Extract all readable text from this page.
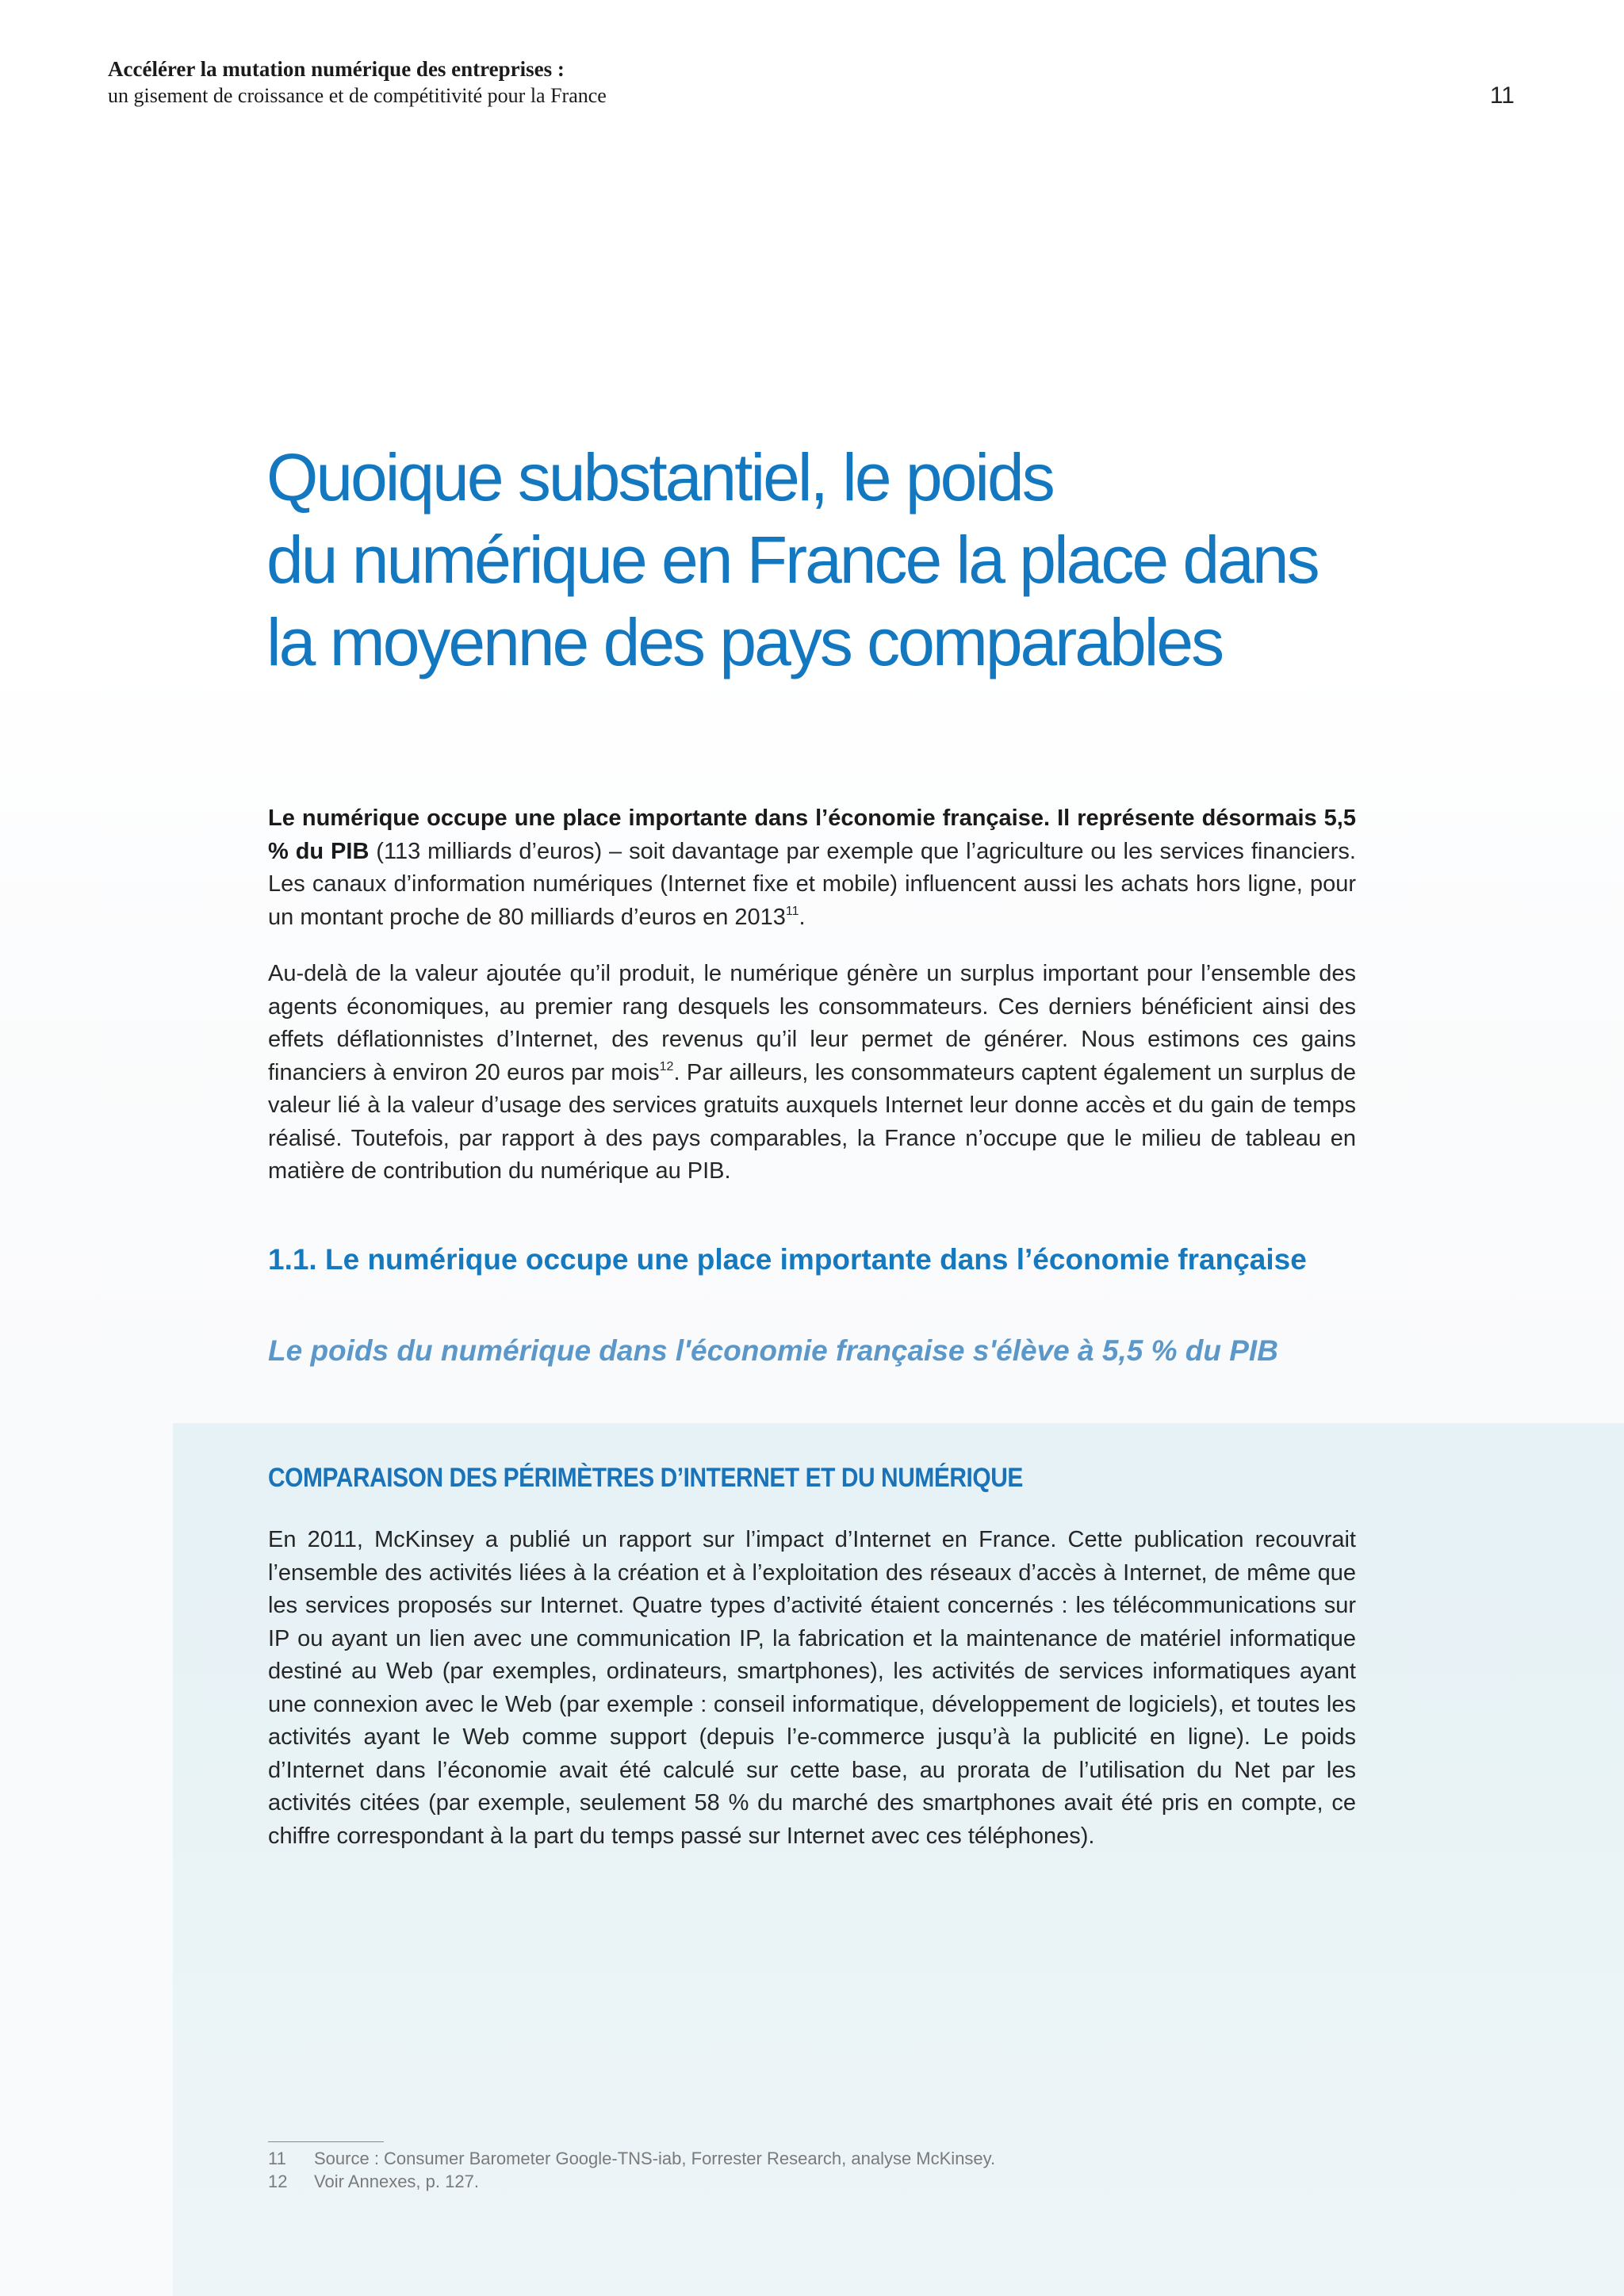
Accélérer la mutation numérique des entreprises :

un gisement de croissance et de compétitivité pour la France	11
Quoique substantiel, le poids
du numérique en France la place dans
la moyenne des pays comparables

Le numérique occupe une place importante dans l’économie française. Il représente désormais 5,5 % du PIB (113 milliards d’euros) – soit davantage par exemple que l’agriculture ou les services financiers. Les canaux d’information numériques (Internet fixe et mobile) influencent aussi les achats hors ligne, pour un montant proche de 80 milliards d’euros en 2013$^{11}$.

Au-delà de la valeur ajoutée qu’il produit, le numérique génère un surplus important pour l’ensemble des agents économiques, au premier rang desquels les consommateurs. Ces derniers bénéficient ainsi des effets déflationnistes d’Internet, des revenus qu’il leur permet de générer. Nous estimons ces gains financiers à environ 20 euros par mois$^{12}$. Par ailleurs, les consommateurs captent également un surplus de valeur lié à la valeur d’usage des services gratuits auxquels Internet leur donne accès et du gain de temps réalisé. Toutefois, par rapport à des pays comparables, la France n’occupe que le milieu de tableau en matière de contribution du numérique au PIB.

1.1. Le numérique occupe une place importante dans l’économie française
Le poids du numérique dans l'économie française s'élève à 5,5 % du PIB
COMPARAISON DES PÉRIMÈTRES D’INTERNET ET DU NUMÉRIQUE

En 2011, McKinsey a publié un rapport sur l’impact d’Internet en France. Cette publication recouvrait l’ensemble des activités liées à la création et à l’exploitation des réseaux d’accès à Internet, de même que les services proposés sur Internet. Quatre types d’activité étaient concernés : les télécommunications sur IP ou ayant un lien avec une communication IP, la fabrication et la maintenance de matériel informatique destiné au Web (par exemples, ordinateurs, smartphones), les activités de services informatiques ayant une connexion avec le Web (par exemple : conseil informatique, développement de logiciels), et toutes les activités ayant le Web comme support (depuis l’e-commerce jusqu’à la publicité en ligne). Le poids d’Internet dans l’économie avait été calculé sur cette base, au prorata de l’utilisation du Net par les activités citées (par exemple, seulement 58 % du marché des smartphones avait été pris en compte, ce chiffre correspondant à la part du temps passé sur Internet avec ces téléphones).

11	Source : Consumer Barometer Google-TNS-iab, Forrester Research, analyse McKinsey.
12	Voir Annexes, p. 127.
